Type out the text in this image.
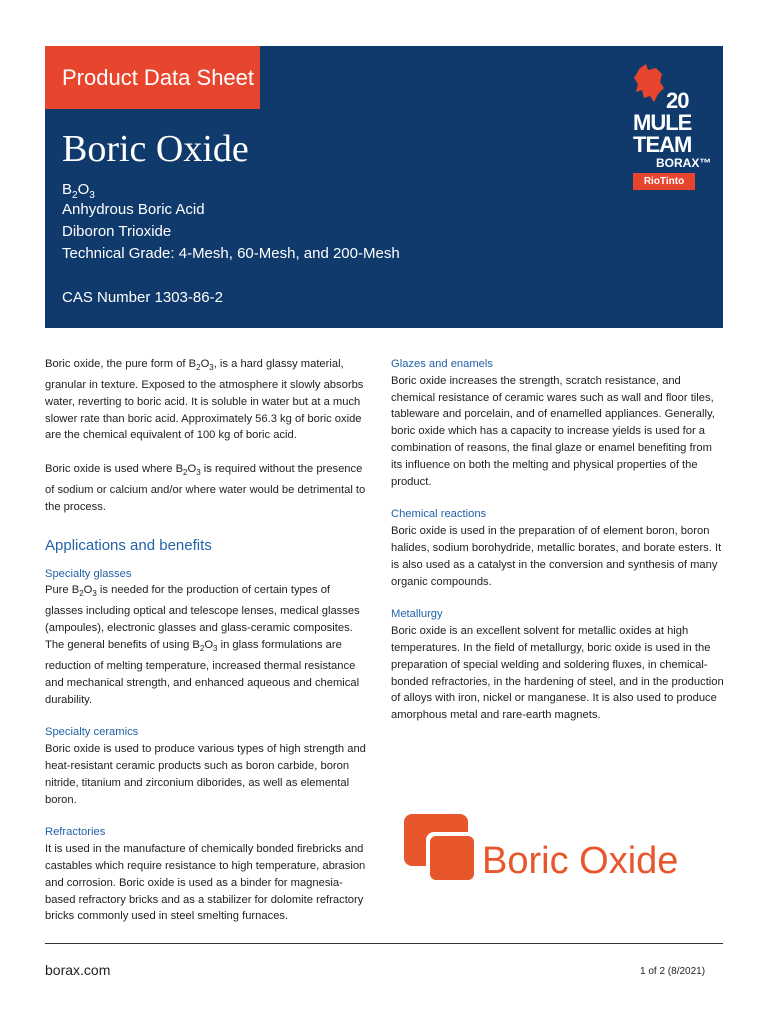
Product Data Sheet
Boric Oxide
$B_2O_3$
Anhydrous Boric Acid
Diboron Trioxide
Technical Grade: 4-Mesh, 60-Mesh, and 200-Mesh
CAS Number 1303-86-2
20
MULE
TEAM
BORAX™
RioTinto

Boric oxide, the pure form of $B_2O_3$, is a hard glassy material, granular in texture. Exposed to the atmosphere it slowly absorbs water, reverting to boric acid. It is soluble in water but at a much slower rate than boric acid. Approximately 56.3 kg of boric oxide are the chemical equivalent of 100 kg of boric acid.

Boric oxide is used where $B_2O_3$ is required without the presence of sodium or calcium and/or where water would be detrimental to the process.

Applications and benefits
Specialty glasses
Pure $B_2O_3$ is needed for the production of certain types of glasses including optical and telescope lenses, medical glasses (ampoules), electronic glasses and glass-ceramic composites. The general benefits of using $B_2O_3$ in glass formulations are reduction of melting temperature, increased thermal resistance and mechanical strength, and enhanced aqueous and chemical durability.
Specialty ceramics
Boric oxide is used to produce various types of high strength and heat-resistant ceramic products such as boron carbide, boron nitride, titanium and zirconium diborides, as well as elemental boron.
Refractories
It is used in the manufacture of chemically bonded firebricks and castables which require resistance to high temperature, abrasion and corrosion. Boric oxide is used as a binder for magnesia-based refractory bricks and as a stabilizer for dolomite refractory bricks commonly used in steel smelting furnaces.
Glazes and enamels
Boric oxide increases the strength, scratch resistance, and chemical resistance of ceramic wares such as wall and floor tiles, tableware and porcelain, and of enamelled appliances. Generally, boric oxide which has a capacity to increase yields is used for a combination of reasons, the final glaze or enamel benefiting from its influence on both the melting and physical properties of the product.
Chemical reactions
Boric oxide is used in the preparation of of element boron, boron halides, sodium borohydride, metallic borates, and borate esters. It is also used as a catalyst in the conversion and synthesis of many organic compounds.
Metallurgy
Boric oxide is an excellent solvent for metallic oxides at high temperatures. In the field of metallurgy, boric oxide is used in the preparation of special welding and soldering fluxes, in chemical-bonded refractories, in the hardening of steel, and in the production of alloys with iron, nickel or manganese. It is also used to produce amorphous metal and rare-earth magnets.
Boric Oxide
borax.com	1 of 2 (8/2021)
